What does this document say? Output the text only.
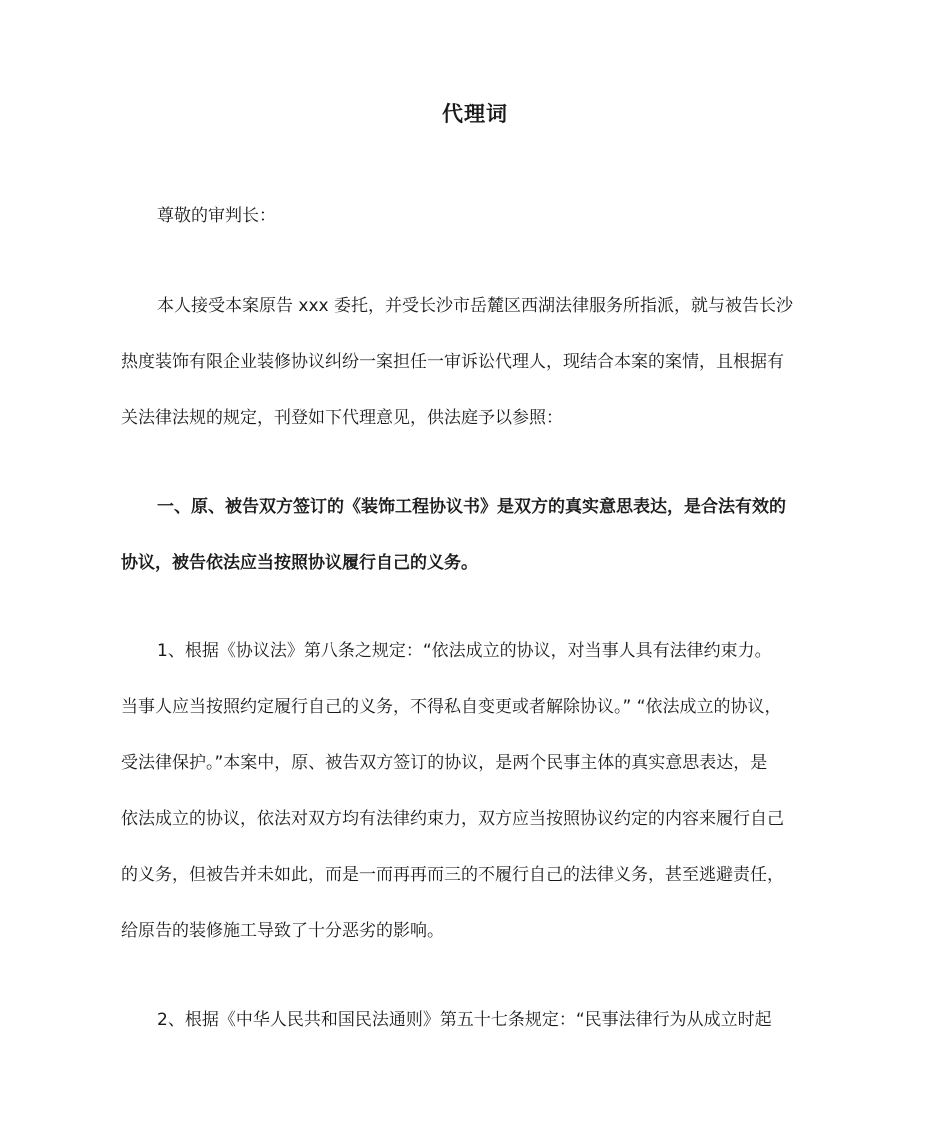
代理词
尊敬的审判长：
本人接受本案原告 xxx 委托，并受长沙市岳麓区西湖法律服务所指派，就与被告长沙
热度装饰有限企业装修协议纠纷一案担任一审诉讼代理人，现结合本案的案情，且根据有
关法律法规的规定，刊登如下代理意见，供法庭予以参照：
一、原、被告双方签订的《装饰工程协议书》是双方的真实意思表达，是合法有效的
协议，被告依法应当按照协议履行自己的义务。
1、根据《协议法》第八条之规定：“依法成立的协议，对当事人具有法律约束力。
当事人应当按照约定履行自己的义务，不得私自变更或者解除协议。” “依法成立的协议，
受法律保护。”本案中，原、被告双方签订的协议，是两个民事主体的真实意思表达，是
依法成立的协议，依法对双方均有法律约束力，双方应当按照协议约定的内容来履行自己
的义务，但被告并未如此，而是一而再再而三的不履行自己的法律义务，甚至逃避责任，
给原告的装修施工导致了十分恶劣的影响。
2、根据《中华人民共和国民法通则》第五十七条规定：“民事法律行为从成立时起
